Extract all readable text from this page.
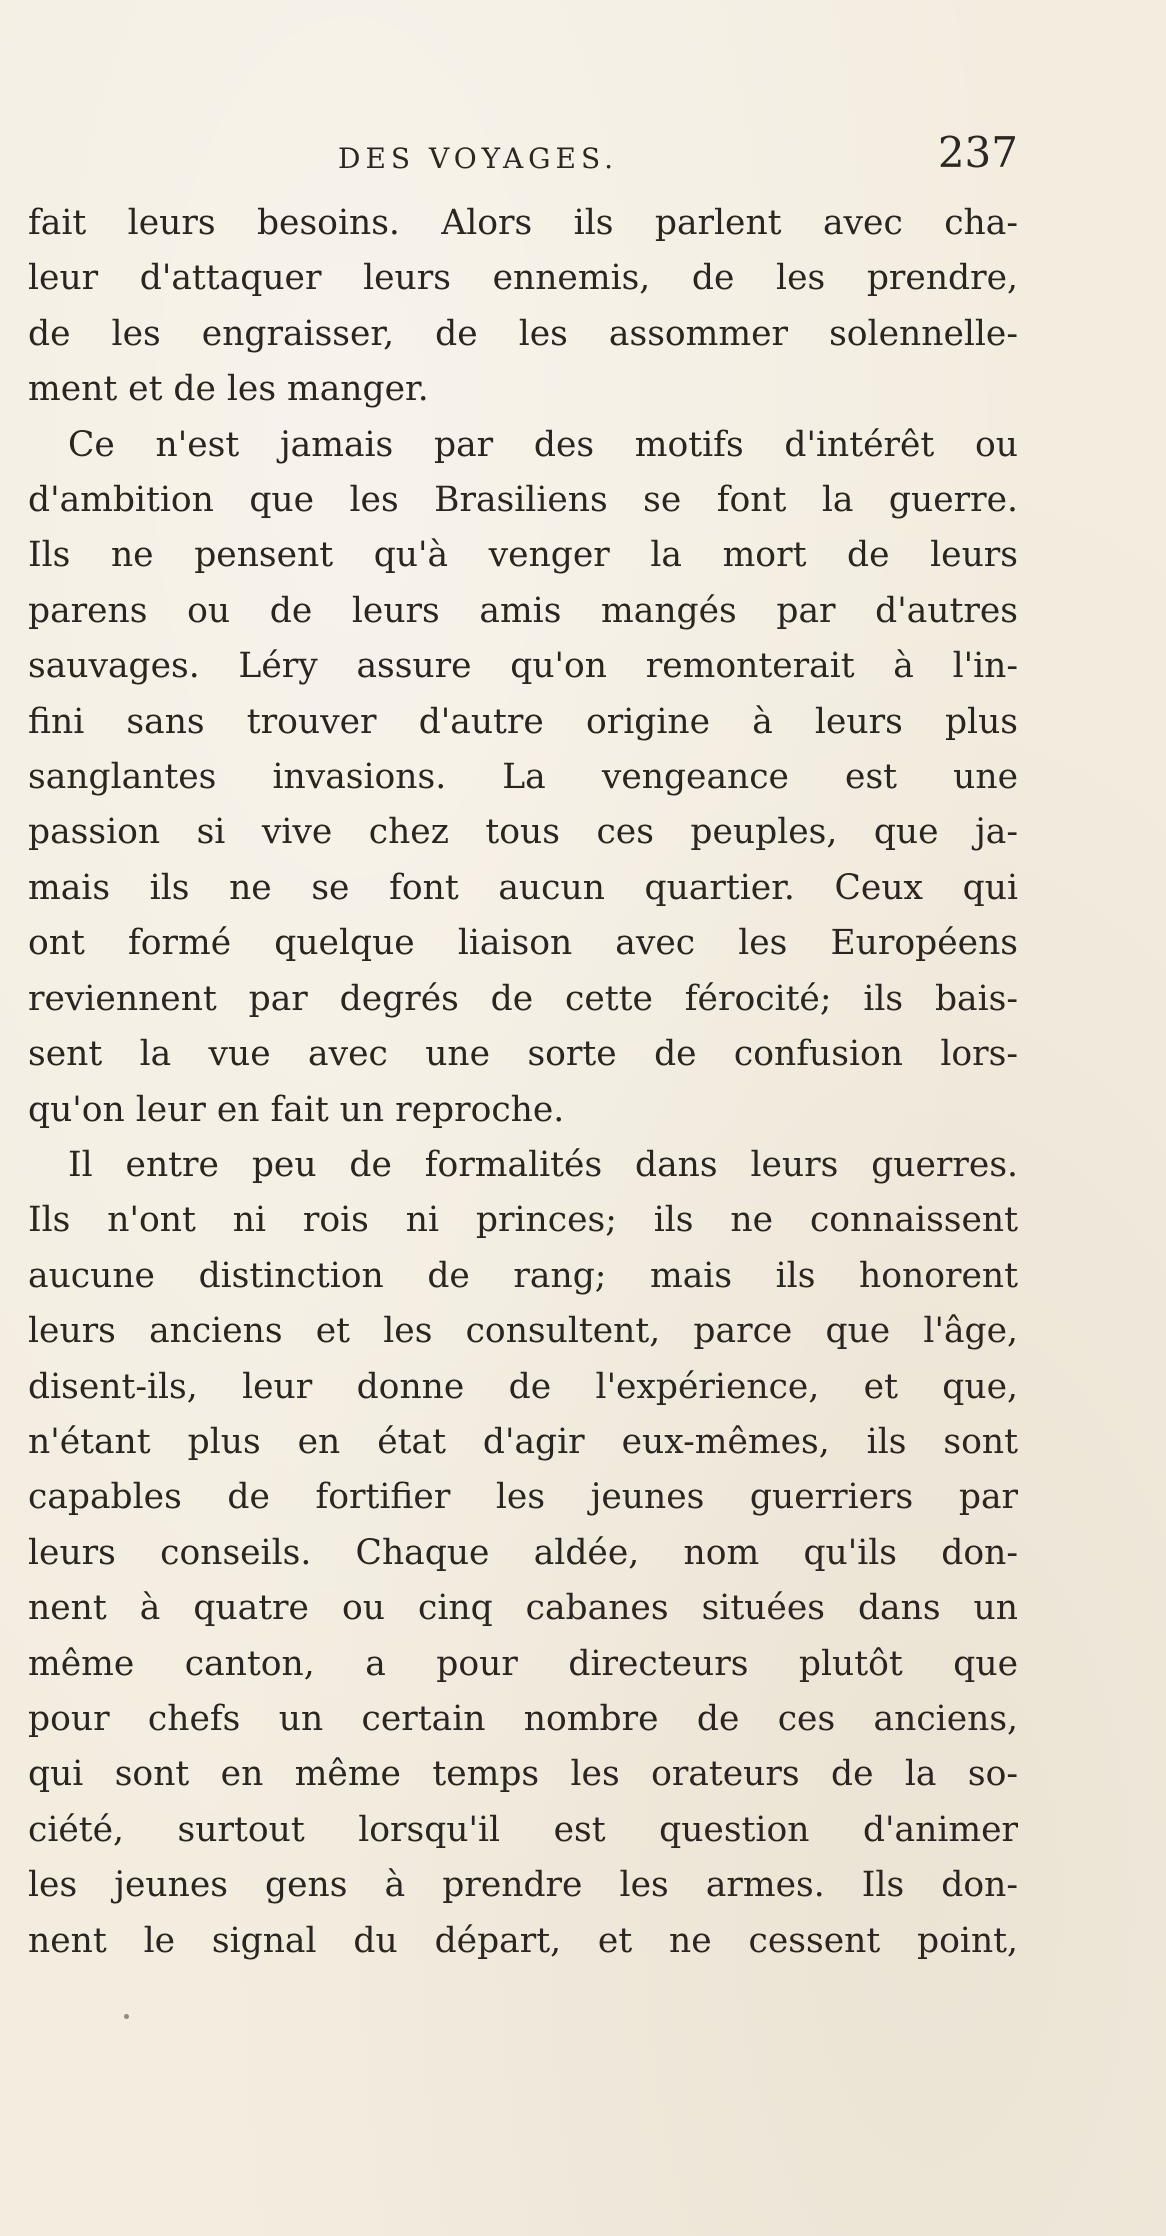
DES VOYAGES.	237
fait leurs besoins. Alors ils parlent avec cha-
leur d'attaquer leurs ennemis, de les prendre,
de les engraisser, de les assommer solennelle-
ment et de les manger.
Ce n'est jamais par des motifs d'intérêt ou
d'ambition que les Brasiliens se font la guerre.
Ils ne pensent qu'à venger la mort de leurs
parens ou de leurs amis mangés par d'autres
sauvages. Léry assure qu'on remonterait à l'in-
fini sans trouver d'autre origine à leurs plus
sanglantes invasions. La vengeance est une
passion si vive chez tous ces peuples, que ja-
mais ils ne se font aucun quartier. Ceux qui
ont formé quelque liaison avec les Européens
reviennent par degrés de cette férocité; ils bais-
sent la vue avec une sorte de confusion lors-
qu'on leur en fait un reproche.
Il entre peu de formalités dans leurs guerres.
Ils n'ont ni rois ni princes; ils ne connaissent
aucune distinction de rang; mais ils honorent
leurs anciens et les consultent, parce que l'âge,
disent-ils, leur donne de l'expérience, et que,
n'étant plus en état d'agir eux-mêmes, ils sont
capables de fortifier les jeunes guerriers par
leurs conseils. Chaque aldée, nom qu'ils don-
nent à quatre ou cinq cabanes situées dans un
même canton, a pour directeurs plutôt que
pour chefs un certain nombre de ces anciens,
qui sont en même temps les orateurs de la so-
ciété, surtout lorsqu'il est question d'animer
les jeunes gens à prendre les armes. Ils don-
nent le signal du départ, et ne cessent point,
